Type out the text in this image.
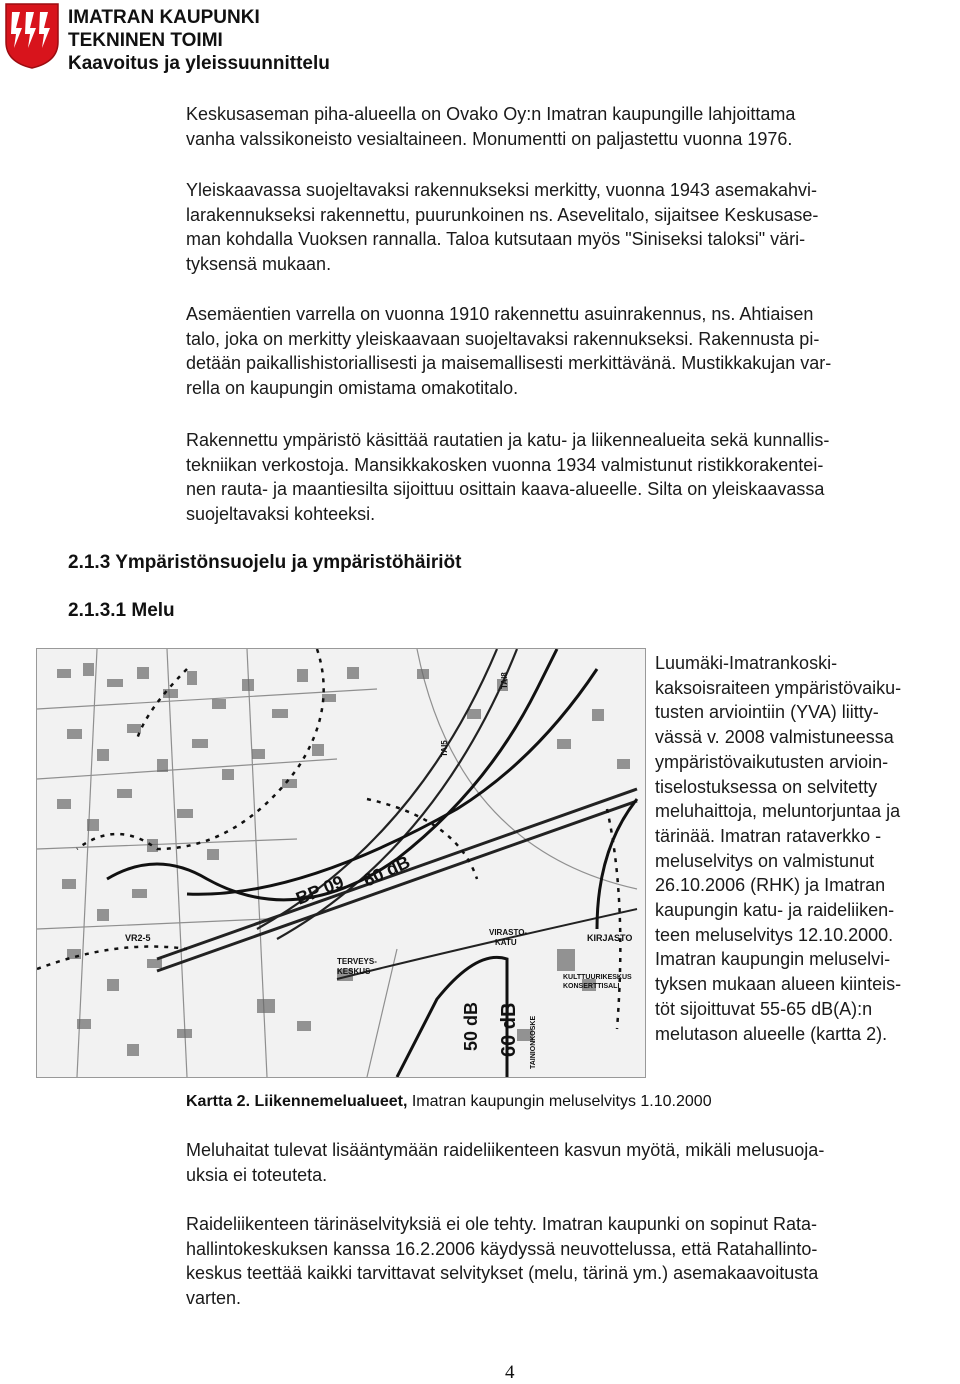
IMATRAN KAUPUNKI
TEKNINEN TOIMI
Kaavoitus ja yleissuunnittelu

Keskusaseman piha-alueella on Ovako Oy:n Imatran kaupungille lahjoittama

vanha valssikoneisto vesialtaineen. Monumentti on paljastettu vuonna 1976.

Yleiskaavassa suojeltavaksi rakennukseksi merkitty, vuonna 1943 asemakahvi-

larakennukseksi rakennettu, puurunkoinen ns. Asevelitalo, sijaitsee Keskusase-

man kohdalla Vuoksen rannalla. Taloa kutsutaan myös "Siniseksi taloksi" väri-

tyksensä mukaan.

Asemäentien varrella on vuonna 1910 rakennettu asuinrakennus, ns. Ahtiaisen

talo, joka on merkitty yleiskaavaan suojeltavaksi rakennukseksi. Rakennusta pi-

detään paikallishistoriallisesti ja maisemallisesti merkittävänä. Mustikkakujan var-

rella on kaupungin omistama omakotitalo.

Rakennettu ympäristö käsittää rautatien ja katu- ja liikennealueita sekä kunnallis-

tekniikan verkostoja. Mansikkakosken vuonna 1934 valmistunut ristikkorakentei-

nen rauta- ja maantiesilta sijoittuu osittain kaava-alueelle. Silta on yleiskaavassa

suojeltavaksi kohteeksi.

2.1.3 Ympäristönsuojelu ja ympäristöhäiriöt
2.1.3.1 Melu
BP 09 60 dB
50 dB 60 dB
VR2-5
TERVEYS-
KESKUS
KIRJASTO
VIRASTO-
KATU
KULTTUURIKESKUS
KONSERTTISALI
TAINIONKOSKE
TAI5
TAI8

Luumäki-Imatrankoski-

kaksoisraiteen ympäristövaiku-

tusten arviointiin (YVA) liitty-

vässä v. 2008 valmistuneessa

ympäristövaikutusten arvioin-

tiselostuksessa on selvitetty

meluhaittoja, meluntorjuntaa ja

tärinää. Imatran rataverkko -

meluselvitys on valmistunut

26.10.2006 (RHK) ja Imatran

kaupungin katu- ja raideliiken-

teen meluselvitys 12.10.2000.

Imatran kaupungin meluselvi-

tyksen mukaan alueen kiinteis-

töt sijoittuvat 55-65 dB(A):n

melutason alueelle (kartta 2).

Kartta 2. Liikennemelualueet, Imatran kaupungin meluselvitys 1.10.2000

Meluhaitat tulevat lisääntymään raideliikenteen kasvun myötä, mikäli melusuoja-

uksia ei toteuteta.

Raideliikenteen tärinäselvityksiä ei ole tehty. Imatran kaupunki on sopinut Rata-

hallintokeskuksen kanssa 16.2.2006 käydyssä neuvottelussa, että Ratahallinto-

keskus teettää kaikki tarvittavat selvitykset (melu, tärinä ym.) asemakaavoitusta

varten.

4
